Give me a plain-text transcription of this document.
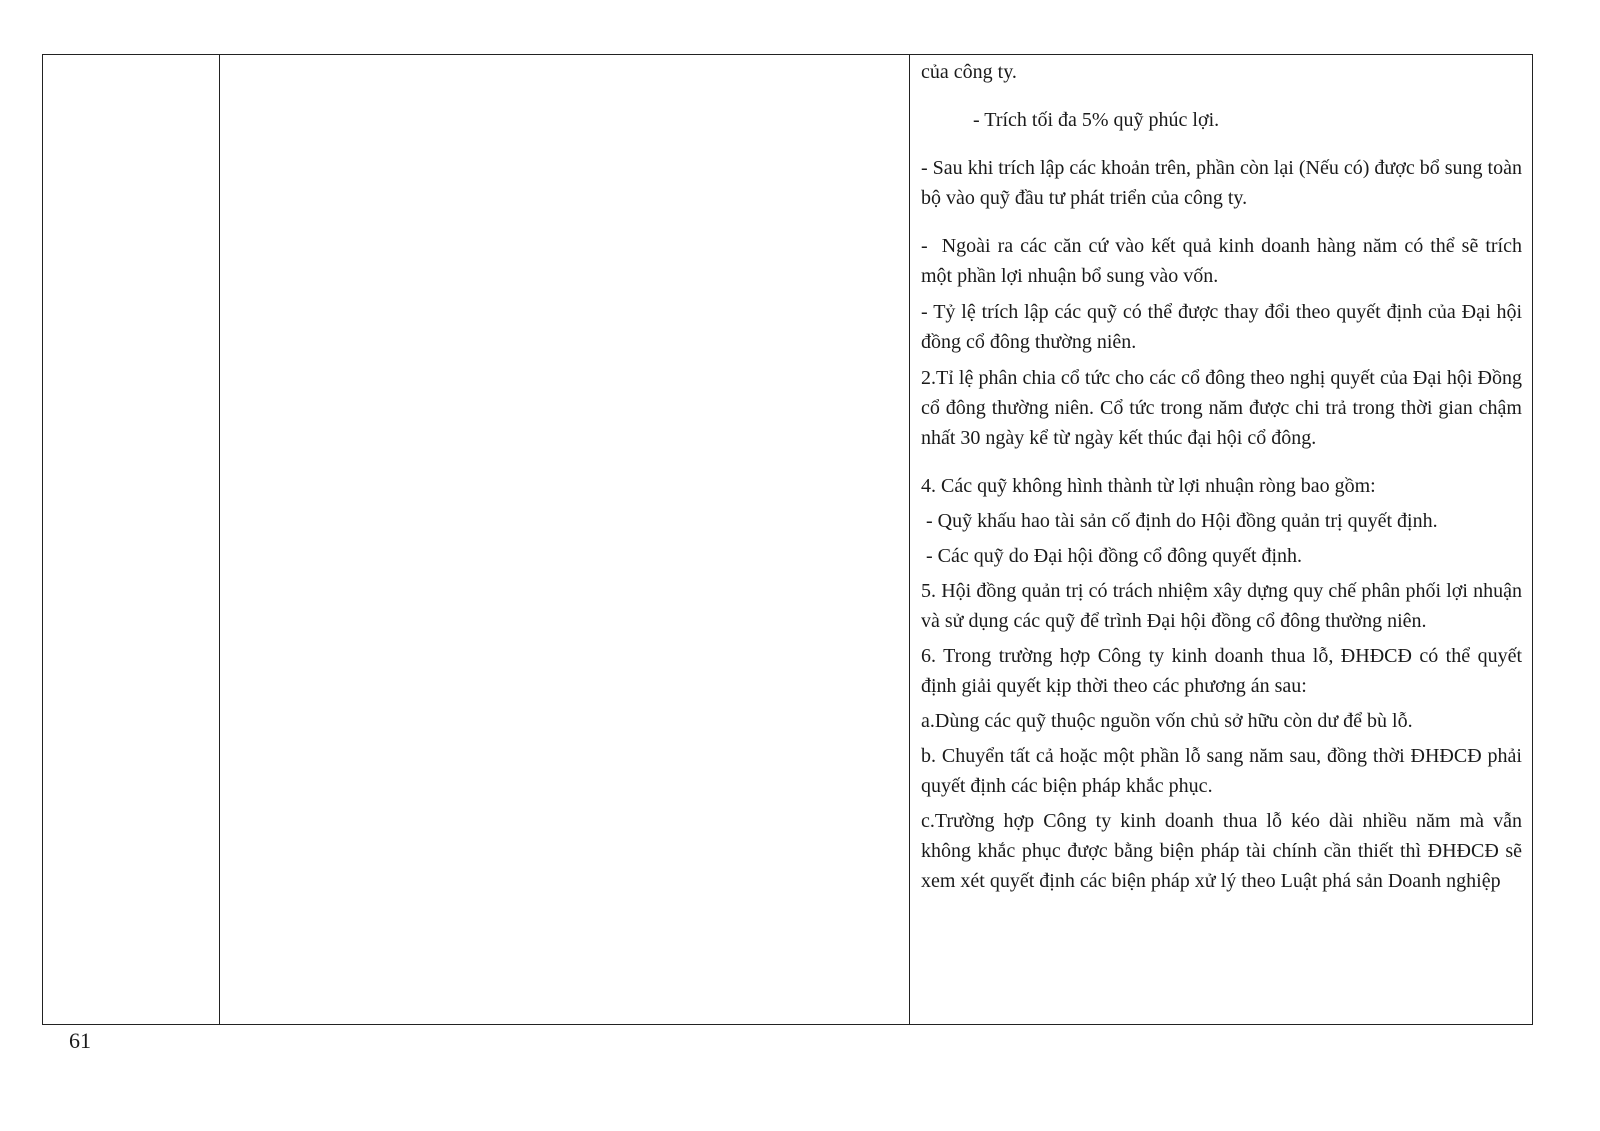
của công ty.

- Trích tối đa 5% quỹ phúc lợi.

- Sau khi trích lập các khoản trên, phần còn lại (Nếu có) được bổ sung toàn bộ vào quỹ đầu tư phát triển của công ty.

-  Ngoài ra các căn cứ vào kết quả kinh doanh hàng năm có thể sẽ trích một phần lợi nhuận bổ sung vào vốn.

- Tỷ lệ trích lập các quỹ có thể được thay đổi theo quyết định của Đại hội đồng cổ đông thường niên.

2.Tỉ lệ phân chia cổ tức cho các cổ đông theo nghị quyết của Đại hội Đồng cổ đông thường niên. Cổ tức trong năm được chi trả trong thời gian chậm nhất 30 ngày kể từ ngày kết thúc đại hội cổ đông.

4. Các quỹ không hình thành từ lợi nhuận ròng bao gồm:

- Quỹ khấu hao tài sản cố định do Hội đồng quản trị quyết định.

- Các quỹ do Đại hội đồng cổ đông quyết định.

5. Hội đồng quản trị có trách nhiệm xây dựng quy chế phân phối lợi nhuận và sử dụng các quỹ để trình Đại hội đồng cổ đông thường niên.

6. Trong trường hợp Công ty kinh doanh thua lỗ, ĐHĐCĐ có thể quyết định giải quyết kịp thời theo các phương án sau:

a.Dùng các quỹ thuộc nguồn vốn chủ sở hữu còn dư để bù lỗ.

b. Chuyển tất cả hoặc một phần lỗ sang năm sau, đồng thời ĐHĐCĐ phải quyết định các biện pháp khắc phục.

c.Trường hợp Công ty kinh doanh thua lỗ kéo dài nhiều năm mà vẫn không khắc phục được bằng biện pháp tài chính cần thiết thì ĐHĐCĐ sẽ xem xét quyết định các biện pháp xử lý theo Luật phá sản Doanh nghiệp

61
